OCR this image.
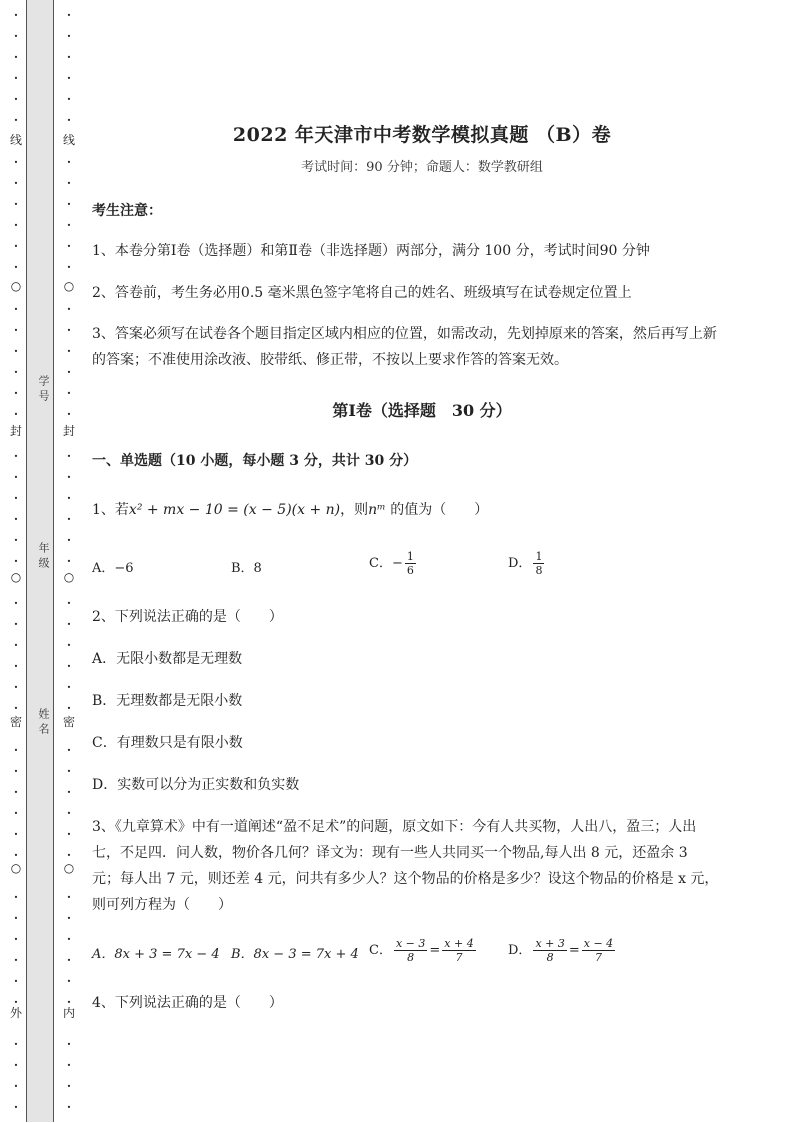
·
·
·
·
·
·
·
·
·
·
·
·
·
·
·
·
·
·
·
·
·
·
·
·
·
·
·
·
·
·
·
·
·
·
·
·
·
·
·
·
·
·
·
·
·
·
线
○
封
○
密
○
外
学号
年级
姓名
·
·
·
·
·
·
·
·
·
·
·
·
·
·
·
·
·
·
·
·
·
·
·
·
·
·
·
·
·
·
·
·
·
·
·
·
·
·
·
·
·
·
·
·
·
·
线
○
封
○
密
○
内
2022 年天津市中考数学模拟真题 （B）卷
考试时间：90 分钟；命题人：数学教研组
考生注意：
1、本卷分第Ⅰ卷（选择题）和第Ⅱ卷（非选择题）两部分，满分 100 分，考试时间90 分钟
2、答卷前，考生务必用0.5 毫米黑色签字笔将自己的姓名、班级填写在试卷规定位置上
3、答案必须写在试卷各个题目指定区域内相应的位置，如需改动，先划掉原来的答案，然后再写上新
的答案；不准使用涂改液、胶带纸、修正带，不按以上要求作答的答案无效。
第Ⅰ卷（选择题　30 分）
一、单选题（10 小题，每小题 3 分，共计 30 分）
1、若x² + mx − 10 = (x − 5)(x + n)，则nᵐ 的值为（　　）
A．−6	B．8	C．− $\frac{1}{6}$	D． $\frac{1}{8}$
2、下列说法正确的是（　　）
A．无限小数都是无理数
B．无理数都是无限小数
C．有理数只是有限小数
D．实数可以分为正实数和负实数
3、《九章算术》中有一道阐述“盈不足术”的问题，原文如下：今有人共买物，人出八，盈三；人出
七，不足四．问人数，物价各几何？译文为：现有一些人共同买一个物品,每人出 8 元，还盈余 3
元；每人出 7 元，则还差 4 元，问共有多少人？这个物品的价格是多少？设这个物品的价格是 x 元，
则可列方程为（　　）
A．8x + 3 = 7x − 4 B．8x − 3 = 7x + 4 C． $\frac{x - 3}{8} = \frac{x + 4}{7}$ D． $\frac{x + 3}{8} = \frac{x - 4}{7}$
4、下列说法正确的是（　　）
